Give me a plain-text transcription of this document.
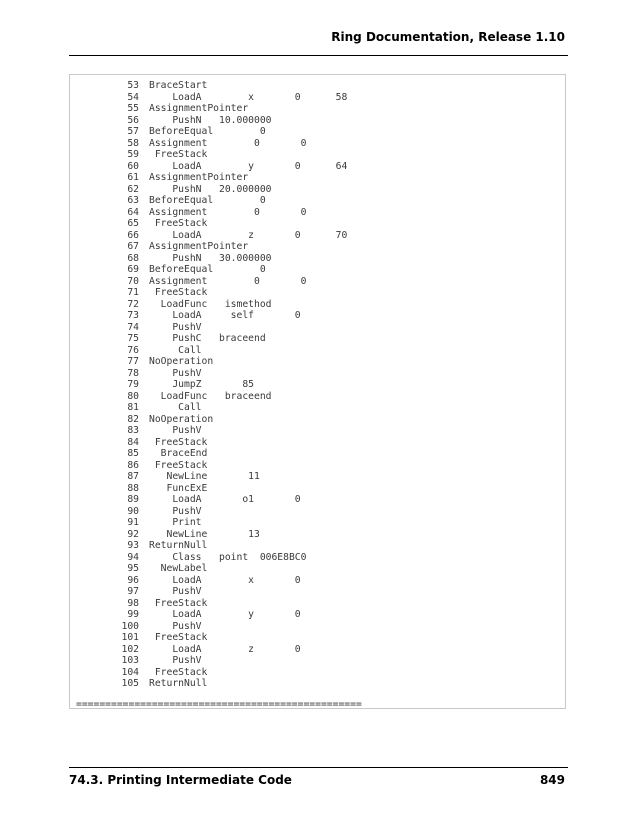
Ring Documentation, Release 1.10
53 BraceStart
54    LoadA        x       0      58
55 AssignmentPointer
56    PushN   10.000000
57 BeforeEqual        0
58 Assignment        0       0
59 FreeStack
60    LoadA        y       0      64
61 AssignmentPointer
62    PushN   20.000000
63 BeforeEqual        0
64 Assignment        0       0
65 FreeStack
66    LoadA        z       0      70
67 AssignmentPointer
68    PushN   30.000000
69 BeforeEqual        0
70 Assignment        0       0
71 FreeStack
72  LoadFunc   ismethod
73    LoadA     self       0
74    PushV
75    PushC   braceend
76     Call
77 NoOperation
78    PushV
79    JumpZ       85
80  LoadFunc   braceend
81     Call
82 NoOperation
83    PushV
84 FreeStack
85  BraceEnd
86 FreeStack
87   NewLine       11
88   FuncExE
89    LoadA       o1       0
90    PushV
91    Print
92   NewLine       13
93 ReturnNull
94    Class   point  006E8BC0
95  NewLabel
96    LoadA        x       0
97    PushV
98 FreeStack
99    LoadA        y       0
100    PushV
101 FreeStack
102    LoadA        z       0
103    PushV
104 FreeStack
105 ReturnNull
=================================================
74.3. Printing Intermediate Code	849
